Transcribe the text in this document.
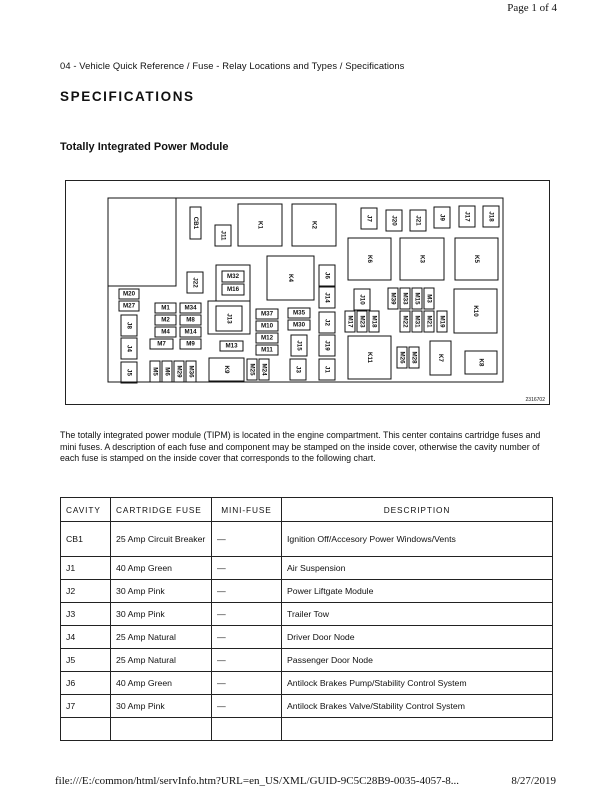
Page 1 of 4
04 - Vehicle Quick Reference / Fuse - Relay Locations and Types / Specifications
SPECIFICATIONS
Totally Integrated Power Module
CB1
J11
K1	K2
J7	J20	J21	J9	J17	J18
K6	K3	K5
J22
M32
M16
K4	J6
J14
M20
M27
J8
J4
J5
M1 M34
M2	M8
M4 M14
M7	M9
J13
M13
M37
M10
M12
M11
M35
M30	J2
J15	J19
J10	M39 M33 M15 M3
M17 M23 M18	M22 M31 M21 M19
K10
M5 M6 M29 M36	K9	M25 M24	J3	J1
K11	M26 M28	K7
K8
2316702

The totally integrated power module (TIPM) is located in the engine compartment. This center contains cartridge fuses and mini fuses. A description of each fuse and component may be stamped on the inside cover, otherwise the cavity number of each fuse is stamped on the inside cover that corresponds to the following chart.

CAVITY	CARTRIDGE FUSE	MINI-FUSE	DESCRIPTION
CB1	25 Amp Circuit Breaker	—	Ignition Off/Accesory Power Windows/Vents
J1	40 Amp Green	—	Air Suspension
J2	30 Amp Pink	—	Power Liftgate Module
J3	30 Amp Pink	—	Trailer Tow
J4	25 Amp Natural	—	Driver Door Node
J5	25 Amp Natural	—	Passenger Door Node
J6	40 Amp Green	—	Antilock Brakes Pump/Stability Control System
J7	30 Amp Pink	—	Antilock Brakes Valve/Stability Control System

file:///E:/common/html/servInfo.htm?URL=en_US/XML/GUID-9C5C28B9-0035-4057-8...	8/27/2019
